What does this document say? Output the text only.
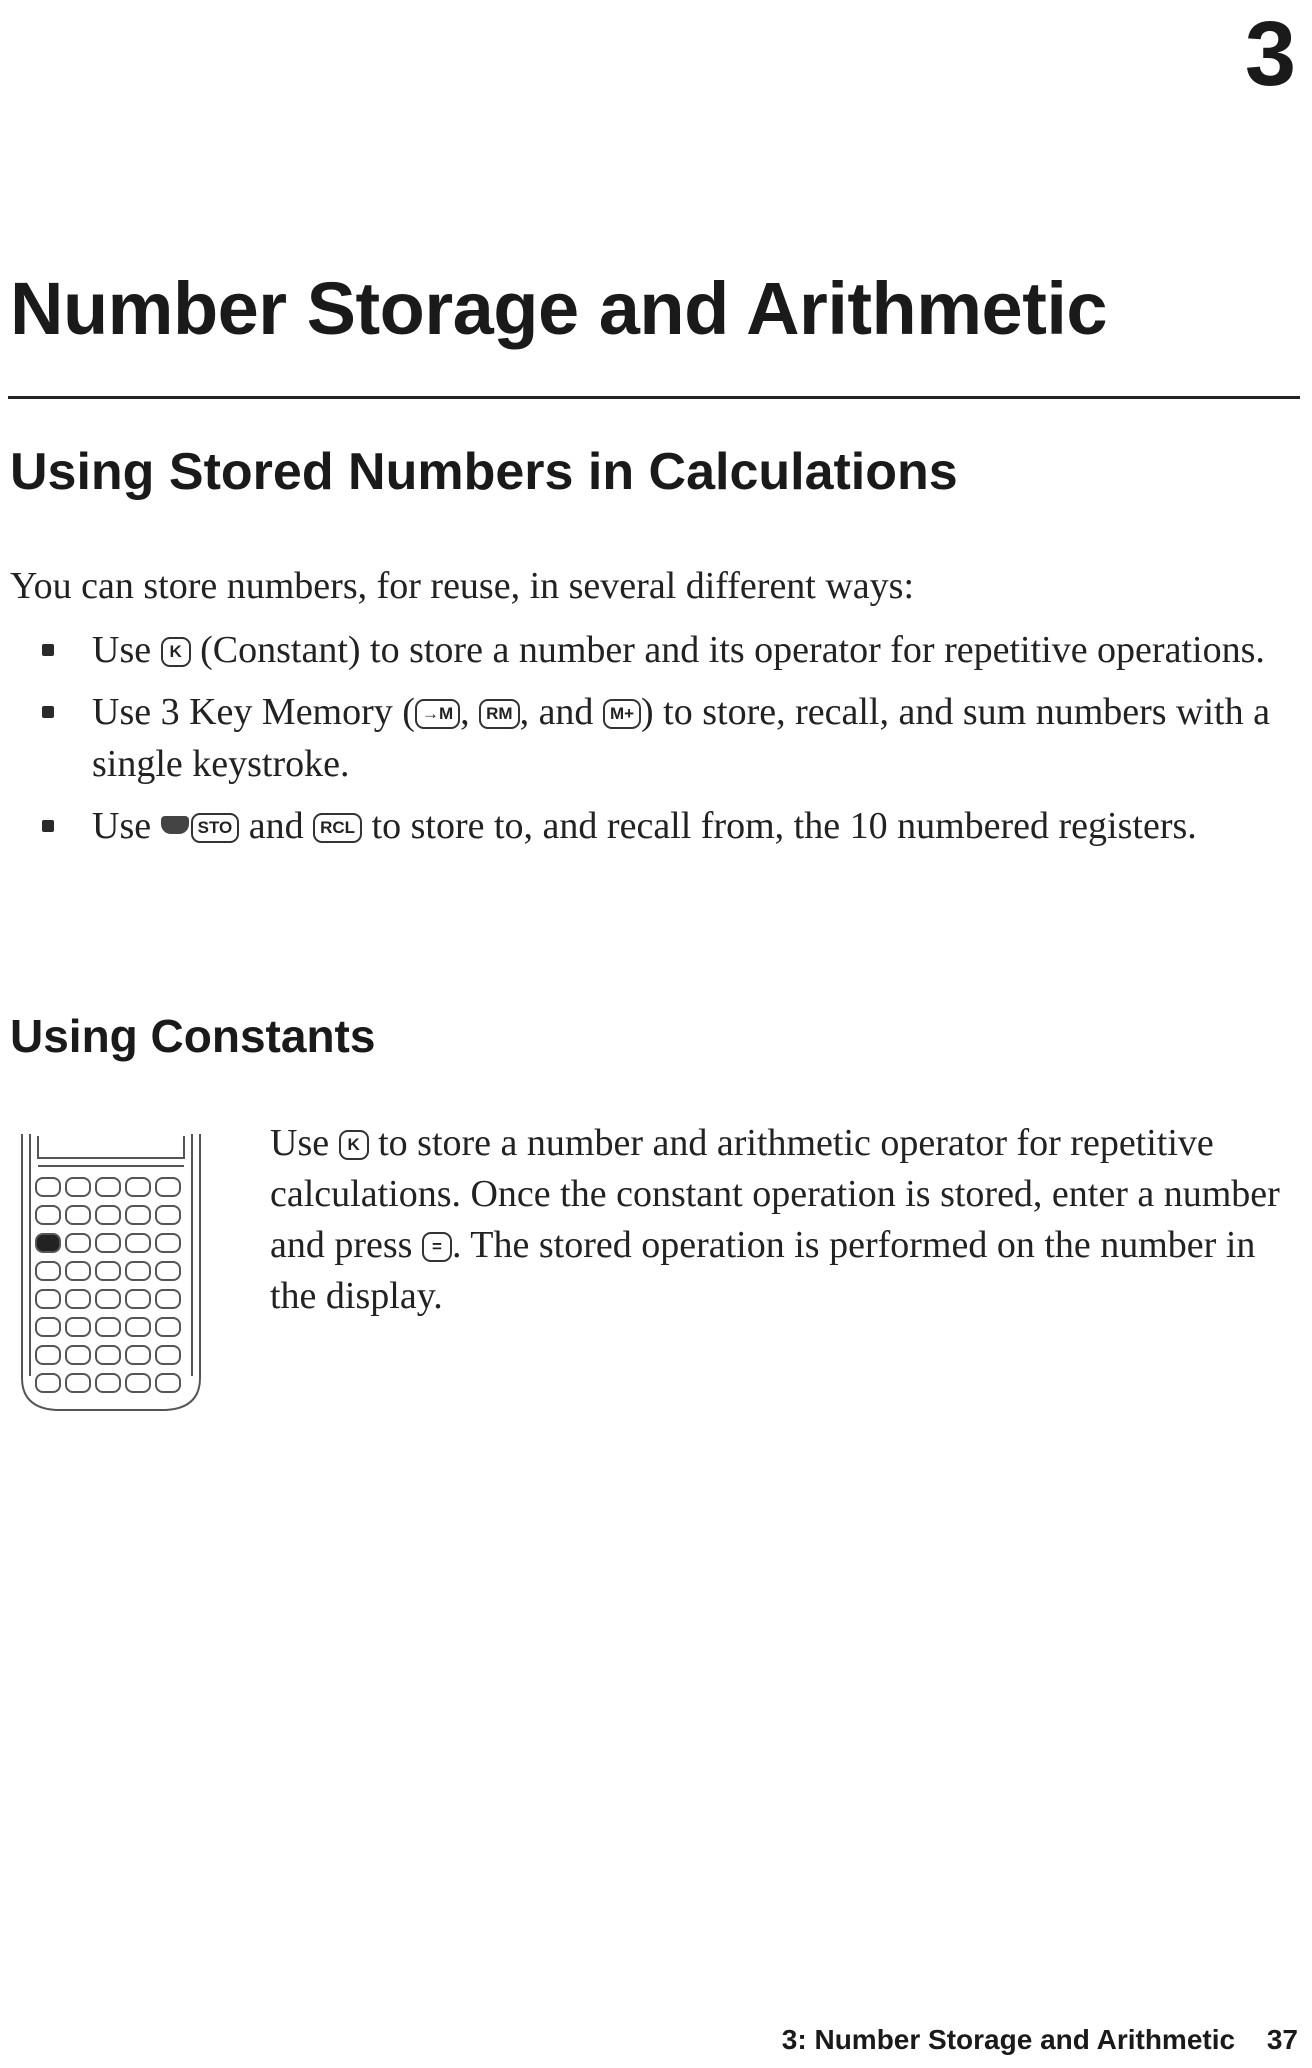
3
Number Storage and Arithmetic
Using Stored Numbers in Calculations
You can store numbers, for reuse, in several different ways:
Use K (Constant) to store a number and its operator for repetitive operations.
Use 3 Key Memory ( →M , RM , and M+ ) to store, recall, and sum numbers with a single keystroke.
Use	STO and RCL to store to, and recall from, the 10 numbered registers.
Using Constants
Use K to store a number and arithmetic operator for repetitive calculations. Once the constant operation is stored, enter a number and press = . The stored operation is performed on the number in the display.
3: Number Storage and Arithmetic 37
